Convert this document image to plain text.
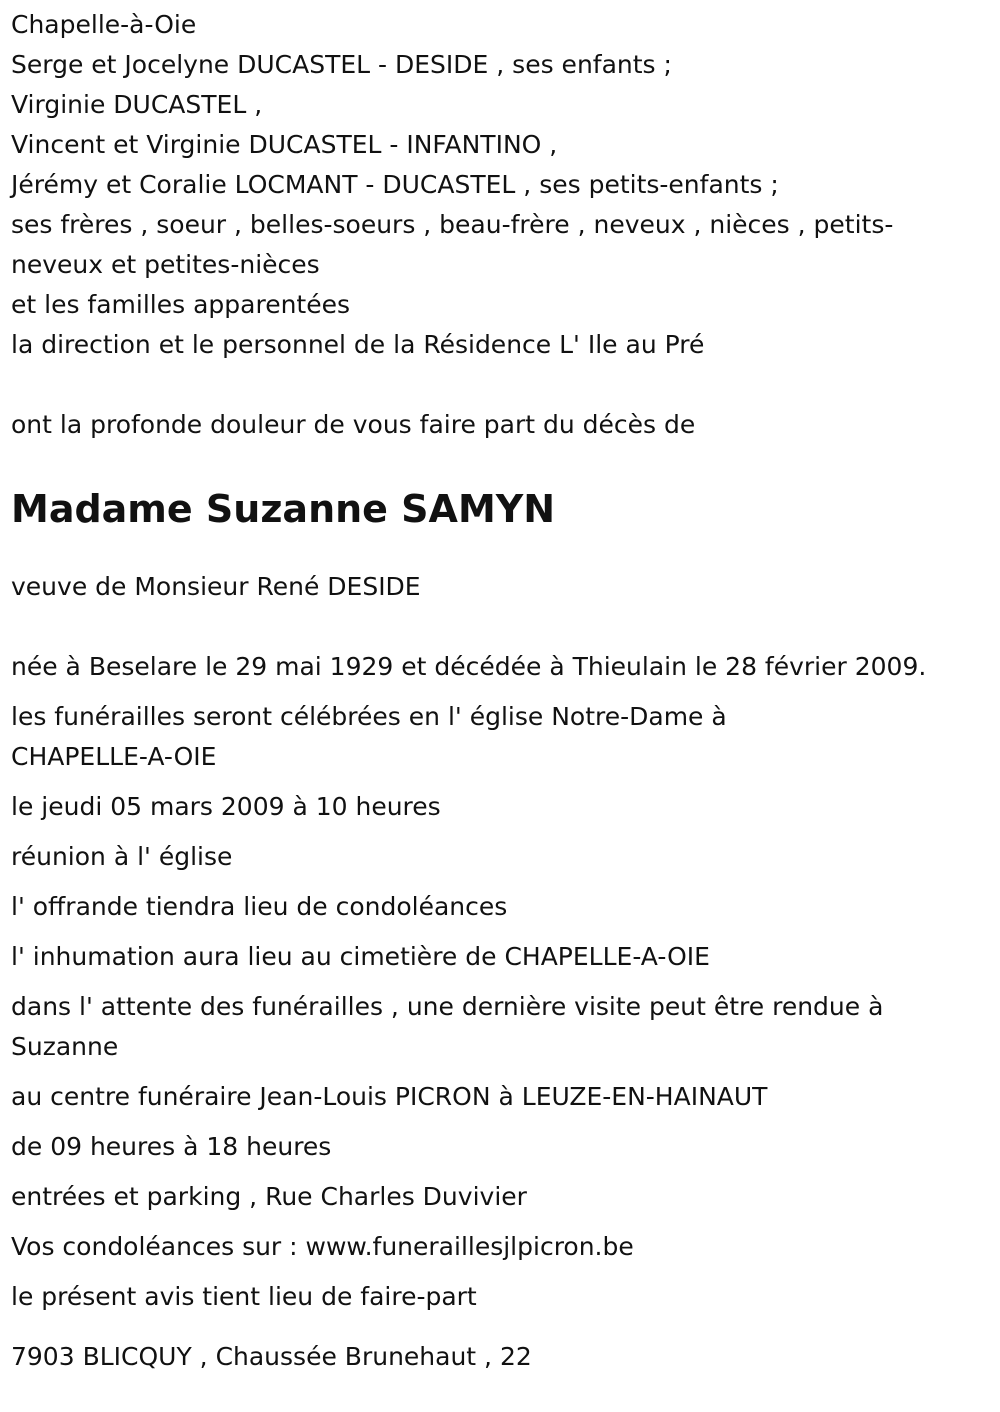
Chapelle-à-Oie

Serge et Jocelyne DUCASTEL - DESIDE , ses enfants ;

Virginie DUCASTEL ,

Vincent et Virginie DUCASTEL - INFANTINO ,

Jérémy et Coralie LOCMANT - DUCASTEL , ses petits-enfants ;

ses frères , soeur , belles-soeurs , beau-frère , neveux , nièces , petits- neveux et petites-nièces

et les familles apparentées

la direction et le personnel de la Résidence L' Ile au Pré

ont la profonde douleur de vous faire part du décès de

Madame Suzanne SAMYN

veuve de Monsieur René DESIDE

née à Beselare le 29 mai 1929 et décédée à Thieulain le 28 février 2009.

les funérailles seront célébrées en l' église Notre-Dame à CHAPELLE-A-OIE

le jeudi 05 mars 2009 à 10 heures

réunion à l' église

l' offrande tiendra lieu de condoléances

l' inhumation aura lieu au cimetière de CHAPELLE-A-OIE

dans l' attente des funérailles , une dernière visite peut être rendue à Suzanne

au centre funéraire Jean-Louis PICRON à LEUZE-EN-HAINAUT

de 09 heures à 18 heures

entrées et parking , Rue Charles Duvivier

Vos condoléances sur : www.funeraillesjlpicron.be

le présent avis tient lieu de faire-part

7903 BLICQUY , Chaussée Brunehaut , 22
